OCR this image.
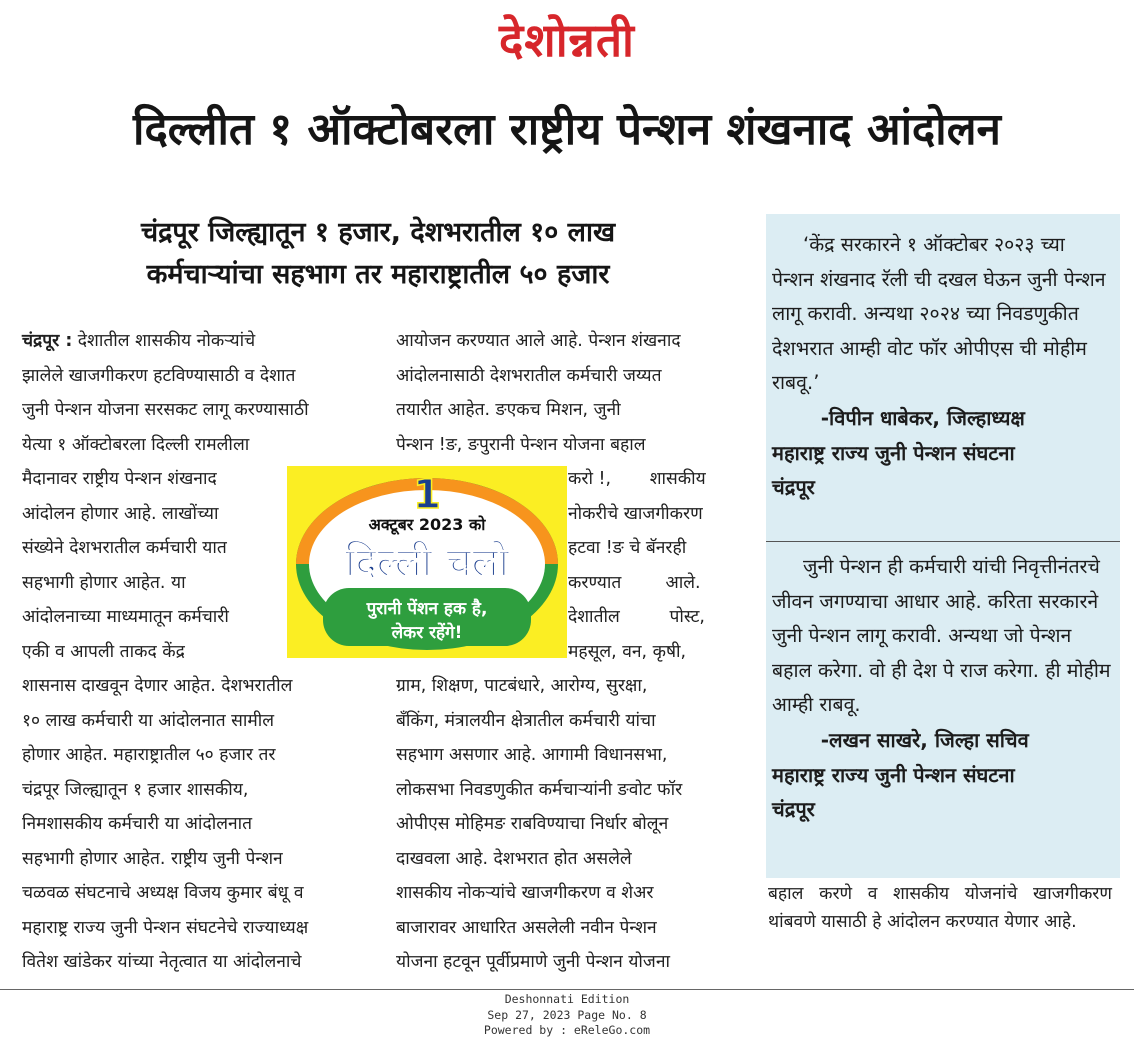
देशोन्नती
दिल्लीत १ ऑक्टोबरला राष्ट्रीय पेन्शन शंखनाद आंदोलन
चंद्रपूर जिल्ह्यातून १ हजार, देशभरातील १० लाख
कर्मचाऱ्यांचा सहभाग तर महाराष्ट्रातील ५० हजार
चंद्रपूर : देशातील शासकीय नोकऱ्यांचे
झालेले खाजगीकरण हटविण्यासाठी व देशात
जुनी पेन्शन योजना सरसकट लागू करण्यासाठी
येत्या १ ऑक्टोबरला दिल्ली रामलीला
मैदानावर राष्ट्रीय पेन्शन शंखनाद
आंदोलन होणार आहे. लाखोंच्या
संख्येने देशभरातील कर्मचारी यात
सहभागी होणार आहेत. या
आंदोलनाच्या माध्यमातून कर्मचारी
एकी व आपली ताकद केंद्र
शासनास दाखवून देणार आहेत. देशभरातील
१० लाख कर्मचारी या आंदोलनात सामील
होणार आहेत. महाराष्ट्रातील ५० हजार तर
चंद्रपूर जिल्ह्यातून १ हजार शासकीय,
निमशासकीय कर्मचारी या आंदोलनात
सहभागी होणार आहेत. राष्ट्रीय जुनी पेन्शन
चळवळ संघटनाचे अध्यक्ष विजय कुमार बंधू व
महाराष्ट्र राज्य जुनी पेन्शन संघटनेचे राज्याध्यक्ष
वितेश खांडेकर यांच्या नेतृत्वात या आंदोलनाचे
आयोजन करण्यात आले आहे. पेन्शन शंखनाद
आंदोलनासाठी देशभरातील कर्मचारी जय्यत
तयारीत आहेत. ङएकच मिशन, जुनी
पेन्शन !ङ, ङपुरानी पेन्शन योजना बहाल
करो !,       शासकीय
नोकरीचे खाजगीकरण
हटवा !ङ चे बॅनरही
करण्यात        आले.
देशातील         पोस्ट,
महसूल, वन, कृषी,
ग्राम, शिक्षण, पाटबंधारे, आरोग्य, सुरक्षा,
बँकिंग, मंत्रालयीन क्षेत्रातील कर्मचारी यांचा
सहभाग असणार आहे. आगामी विधानसभा,
लोकसभा निवडणुकीत कर्मचाऱ्यांनी ङवोट फॉर
ओपीएस मोहिमङ राबविण्याचा निर्धार बोलून
दाखवला आहे. देशभरात होत असलेले
शासकीय नोकऱ्यांचे खाजगीकरण व शेअर
बाजारावर आधारित असलेली नवीन पेन्शन
योजना हटवून पूर्वीप्रमाणे जुनी पेन्शन योजना
1
अक्टूबर 2023 को
दिल्ली चलो
पुरानी पेंशन हक है,
लेकर रहेंगे!
‘केंद्र सरकारने १ ऑक्टोबर २०२३ च्या पेन्शन शंखनाद रॅली ची दखल घेऊन जुनी पेन्शन लागू करावी. अन्यथा २०२४ च्या निवडणुकीत देशभरात आम्ही वोट फॉर ओपीएस ची मोहीम राबवू.’
-विपीन धाबेकर, जिल्हाध्यक्ष
महाराष्ट्र राज्य जुनी पेन्शन संघटना
चंद्रपूर
जुनी पेन्शन ही कर्मचारी यांची निवृत्तीनंतरचे जीवन जगण्याचा आधार आहे. करिता सरकारने जुनी पेन्शन लागू करावी. अन्यथा जो पेन्शन बहाल करेगा. वो ही देश पे राज करेगा. ही मोहीम आम्ही राबवू.
-लखन साखरे, जिल्हा सचिव
महाराष्ट्र राज्य जुनी पेन्शन संघटना
चंद्रपूर
बहाल करणे व शासकीय योजनांचे खाजगीकरण थांबवणे यासाठी हे आंदोलन करण्यात येणार आहे.
Deshonnati Edition
Sep 27, 2023 Page No. 8
Powered by : eReleGo.com
